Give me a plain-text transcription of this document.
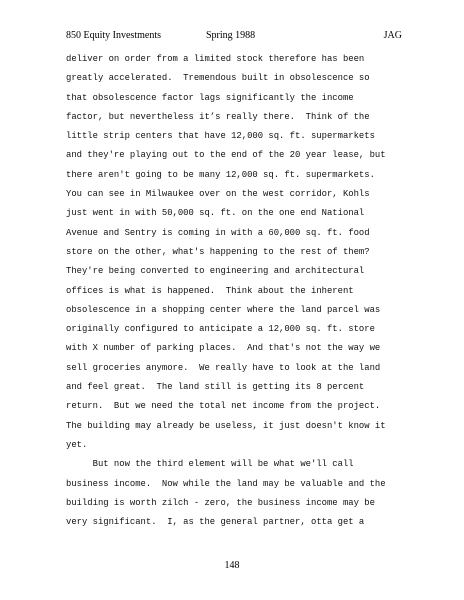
850 Equity Investments	Spring 1988	JAG
deliver on order from a limited stock therefore has been
greatly accelerated.  Tremendous built in obsolescence so
that obsolescence factor lags significantly the income
factor, but nevertheless it’s really there.  Think of the
little strip centers that have 12,000 sq. ft. supermarkets
and they're playing out to the end of the 20 year lease, but
there aren't going to be many 12,000 sq. ft. supermarkets.
You can see in Milwaukee over on the west corridor, Kohls
just went in with 50,000 sq. ft. on the one end National
Avenue and Sentry is coming in with a 60,000 sq. ft. food
store on the other, what's happening to the rest of them?
They're being converted to engineering and architectural
offices is what is happened.  Think about the inherent
obsolescence in a shopping center where the land parcel was
originally configured to anticipate a 12,000 sq. ft. store
with X number of parking places.  And that's not the way we
sell groceries anymore.  We really have to look at the land
and feel great.  The land still is getting its 8 percent
return.  But we need the total net income from the project.
The building may already be useless, it just doesn't know it
yet.
But now the third element will be what we'll call
business income.  Now while the land may be valuable and the
building is worth zilch - zero, the business income may be
very significant.  I, as the general partner, otta get a
148
